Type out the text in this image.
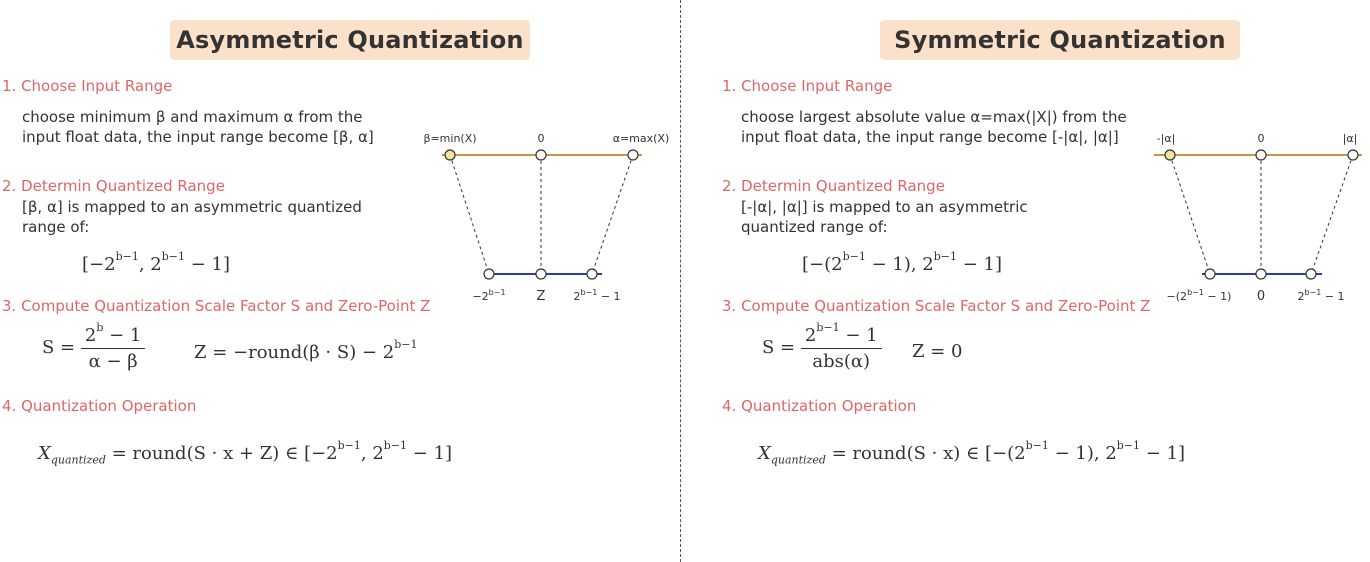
Asymmetric Quantization
1. Choose Input Range
choose minimum β and maximum α from the
input float data, the input range become [β, α]
2. Determin Quantized Range
[β, α] is mapped to an asymmetric quantized
range of:
[$-2^{b-1}$, $2^{b-1} - 1$]
3. Compute Quantization Scale Factor S and Zero-Point Z
$S = \frac{2^b - 1}{\alpha - \beta}$	Z = −round(β · $S) - 2^{b-1}$
4. Quantization Operation
$X_{quantized}$ = round(S · x + Z) ∈ [$-2^{b-1}$, $2^{b-1} - 1$]
β=min(X)	0	α=max(X)
$-2^{b-1}$ Z	$2^{b-1} - 1$
Symmetric Quantization
1. Choose Input Range
choose largest absolute value α=max(|X|) from the
input float data, the input range become [-|α|, |α|]
2. Determin Quantized Range
[-|α|, |α|] is mapped to an asymmetric
quantized range of:
[$-(2^{b-1} - 1)$, $2^{b-1} - 1$]
3. Compute Quantization Scale Factor S and Zero-Point Z
$S = \frac{2^{b-1} - 1}{\text{abs(α)}}$ Z = 0
4. Quantization Operation
$X_{quantized}$ = round(S · x) ∈ [$-(2^{b-1} - 1)$, $2^{b-1} - 1$]
-|α|	0	|α|
$-(2^{b-1} - 1)$ 0	$2^{b-1} - 1$
